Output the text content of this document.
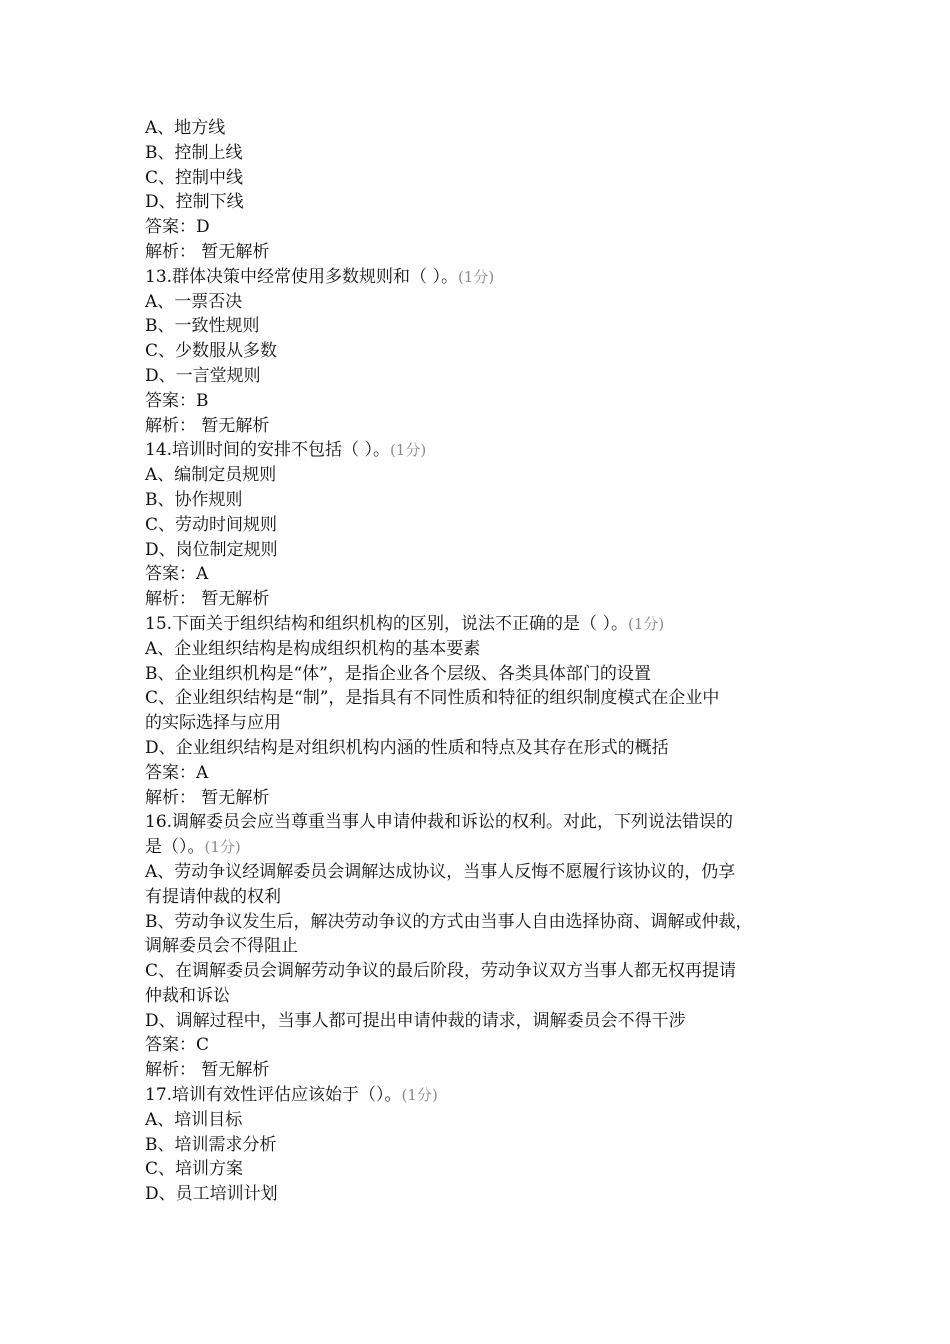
A、地方线
B、控制上线
C、控制中线
D、控制下线
答案：D
解析： 暂无解析
13.群体决策中经常使用多数规则和（ ）。(1分)
A、一票否决
B、一致性规则
C、少数服从多数
D、一言堂规则
答案：B
解析： 暂无解析
14.培训时间的安排不包括（ ）。(1分)
A、编制定员规则
B、协作规则
C、劳动时间规则
D、岗位制定规则
答案：A
解析： 暂无解析
15.下面关于组织结构和组织机构的区别，说法不正确的是（ ）。(1分)
A、企业组织结构是构成组织机构的基本要素
B、企业组织机构是“体”，是指企业各个层级、各类具体部门的设置
C、企业组织结构是“制”，是指具有不同性质和特征的组织制度模式在企业中
的实际选择与应用
D、企业组织结构是对组织机构内涵的性质和特点及其存在形式的概括
答案：A
解析： 暂无解析
16.调解委员会应当尊重当事人申请仲裁和诉讼的权利。对此，下列说法错误的
是（）。(1分)
A、劳动争议经调解委员会调解达成协议，当事人反悔不愿履行该协议的，仍享
有提请仲裁的权利
B、劳动争议发生后，解决劳动争议的方式由当事人自由选择协商、调解或仲裁，
调解委员会不得阻止
C、在调解委员会调解劳动争议的最后阶段，劳动争议双方当事人都无权再提请
仲裁和诉讼
D、调解过程中，当事人都可提出申请仲裁的请求，调解委员会不得干涉
答案：C
解析： 暂无解析
17.培训有效性评估应该始于（）。(1分)
A、培训目标
B、培训需求分析
C、培训方案
D、员工培训计划
